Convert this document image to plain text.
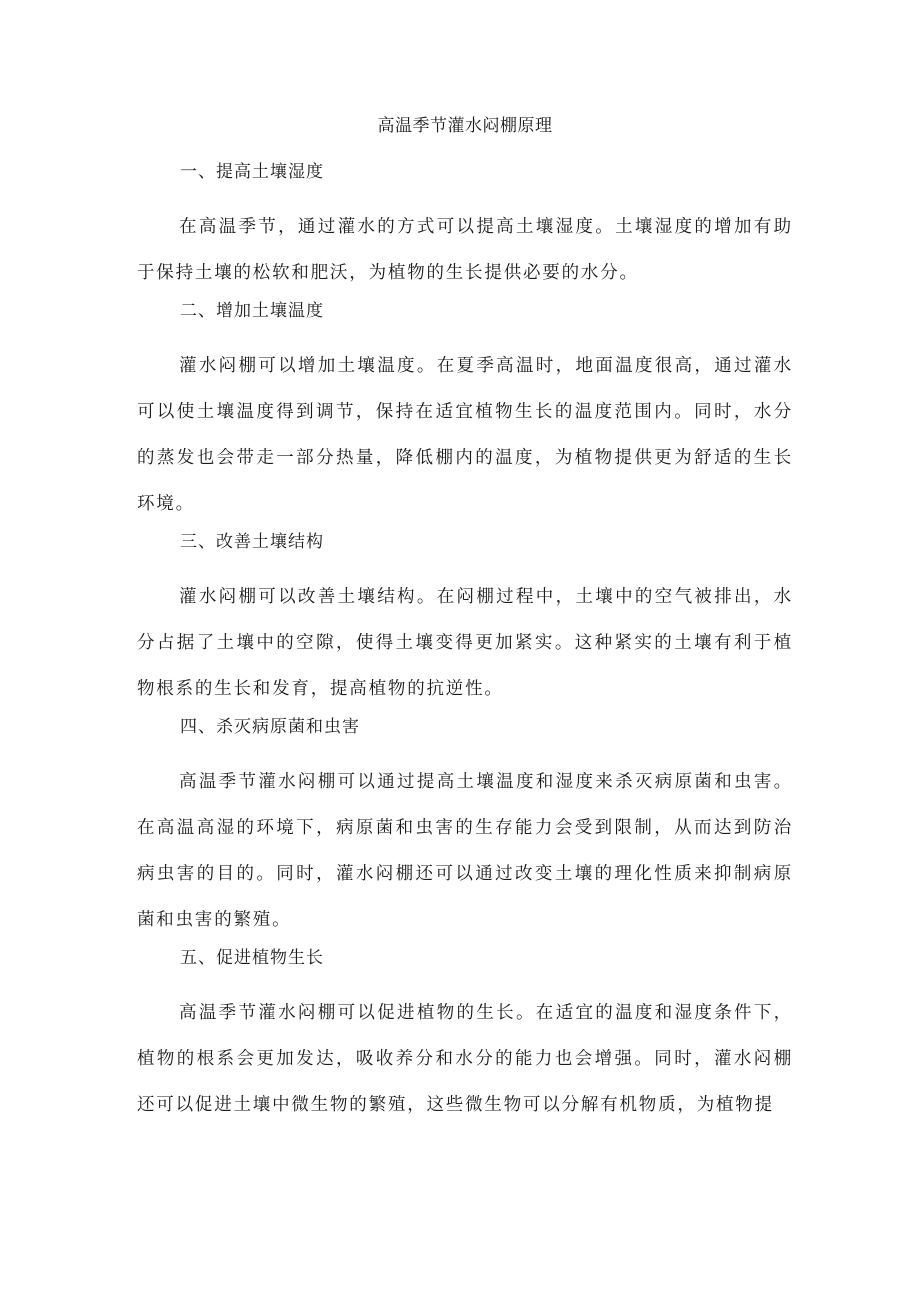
高温季节灌水闷棚原理
一、提高土壤湿度
在高温季节，通过灌水的方式可以提高土壤湿度。土壤湿度的增加有助于保持土壤的松软和肥沃，为植物的生长提供必要的水分。
二、增加土壤温度
灌水闷棚可以增加土壤温度。在夏季高温时，地面温度很高，通过灌水可以使土壤温度得到调节，保持在适宜植物生长的温度范围内。同时，水分的蒸发也会带走一部分热量，降低棚内的温度，为植物提供更为舒适的生长环境。
三、改善土壤结构
灌水闷棚可以改善土壤结构。在闷棚过程中，土壤中的空气被排出，水分占据了土壤中的空隙，使得土壤变得更加紧实。这种紧实的土壤有利于植物根系的生长和发育，提高植物的抗逆性。
四、杀灭病原菌和虫害
高温季节灌水闷棚可以通过提高土壤温度和湿度来杀灭病原菌和虫害。在高温高湿的环境下，病原菌和虫害的生存能力会受到限制，从而达到防治病虫害的目的。同时，灌水闷棚还可以通过改变土壤的理化性质来抑制病原菌和虫害的繁殖。
五、促进植物生长
高温季节灌水闷棚可以促进植物的生长。在适宜的温度和湿度条件下，植物的根系会更加发达，吸收养分和水分的能力也会增强。同时，灌水闷棚还可以促进土壤中微生物的繁殖，这些微生物可以分解有机物质，为植物提
